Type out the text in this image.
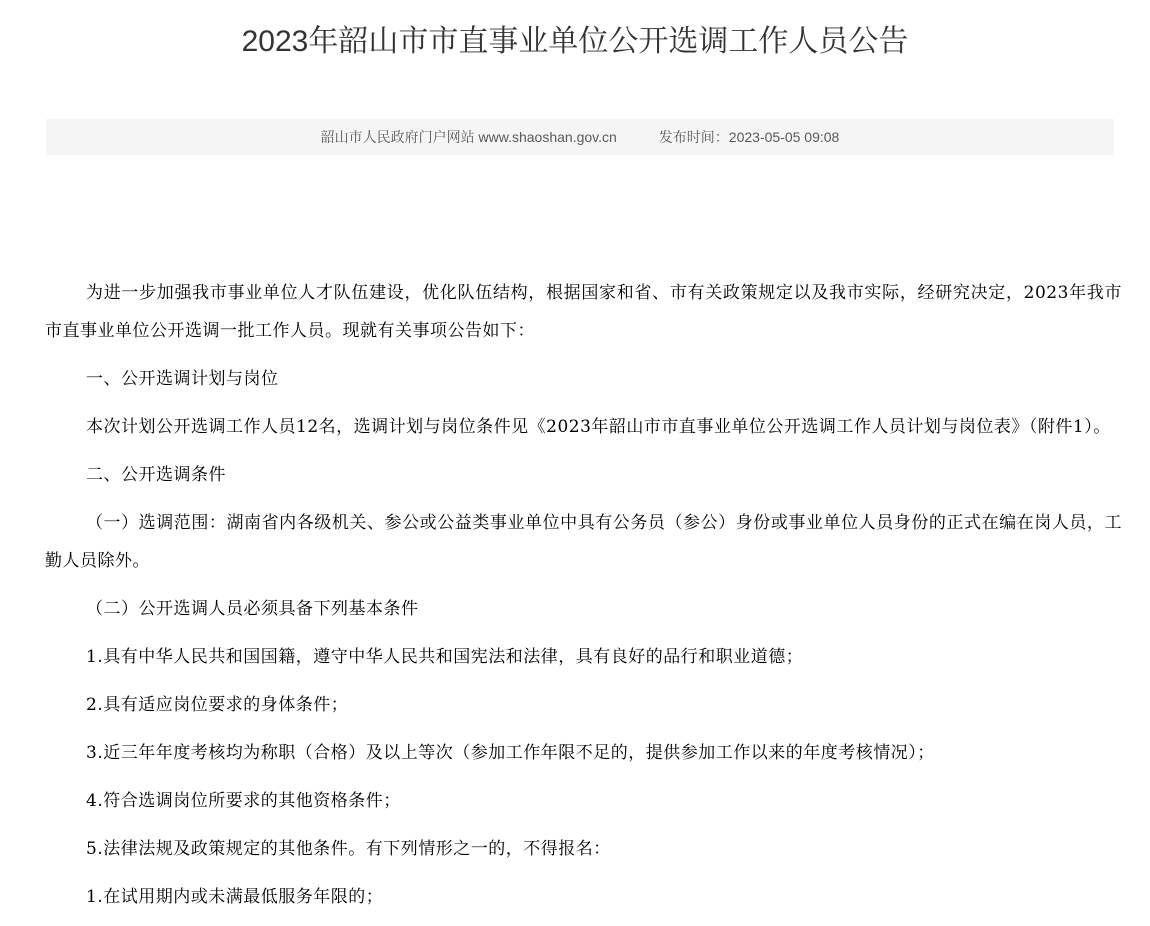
2023年韶山市市直事业单位公开选调工作人员公告
韶山市人民政府门户网站 www.shaoshan.gov.cn	发布时间： 2023-05-05 09:08

为进一步加强我市事业单位人才队伍建设，优化队伍结构，根据国家和省、市有关政策规定以及我市实际，经研究决定，2023年我市市直事业单位公开选调一批工作人员。现就有关事项公告如下：

一、公开选调计划与岗位

本次计划公开选调工作人员12名，选调计划与岗位条件见《2023年韶山市市直事业单位公开选调工作人员计划与岗位表》（附件1）。

二、公开选调条件

（一）选调范围：湖南省内各级机关、参公或公益类事业单位中具有公务员（参公）身份或事业单位人员身份的正式在编在岗人员，工勤人员除外。

（二）公开选调人员必须具备下列基本条件

1.具有中华人民共和国国籍，遵守中华人民共和国宪法和法律，具有良好的品行和职业道德；

2.具有适应岗位要求的身体条件；

3.近三年年度考核均为称职（合格）及以上等次（参加工作年限不足的，提供参加工作以来的年度考核情况）；

4.符合选调岗位所要求的其他资格条件；

5.法律法规及政策规定的其他条件。有下列情形之一的，不得报名：

1.在试用期内或未满最低服务年限的；
